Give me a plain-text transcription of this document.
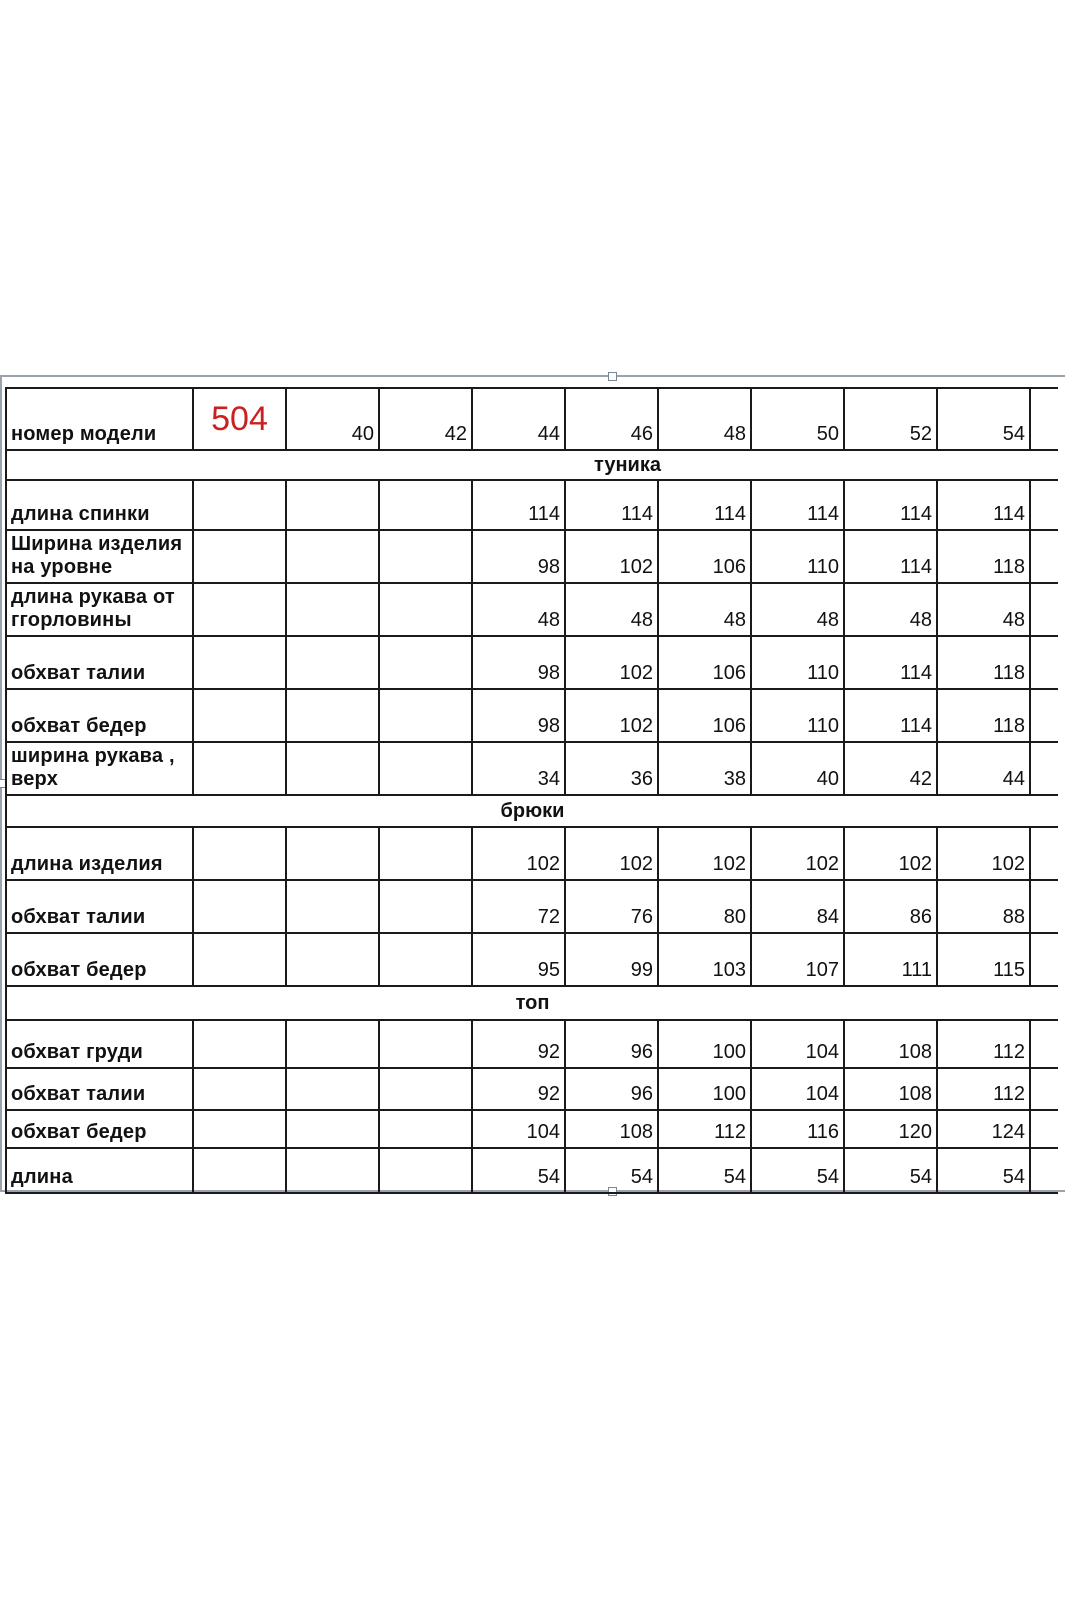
номер модели	504	40	42	44	46	48	50	52	54	
туника										
длина спинки				114	114	114	114	114	114	
Ширина изделия на уровне				98	102	106	110	114	118	
длина рукава от ггорловины				48	48	48	48	48	48	
обхват талии				98	102	106	110	114	118	
обхват бедер				98	102	106	110	114	118	
ширина рукава , верх				34	36	38	40	42	44	
брюки										
длина изделия				102	102	102	102	102	102	
обхват талии				72	76	80	84	86	88	
обхват бедер				95	99	103	107	111	115	
топ										
обхват груди				92	96	100	104	108	112	
обхват талии				92	96	100	104	108	112	
обхват бедер				104	108	112	116	120	124	
длина				54	54	54	54	54	54	
